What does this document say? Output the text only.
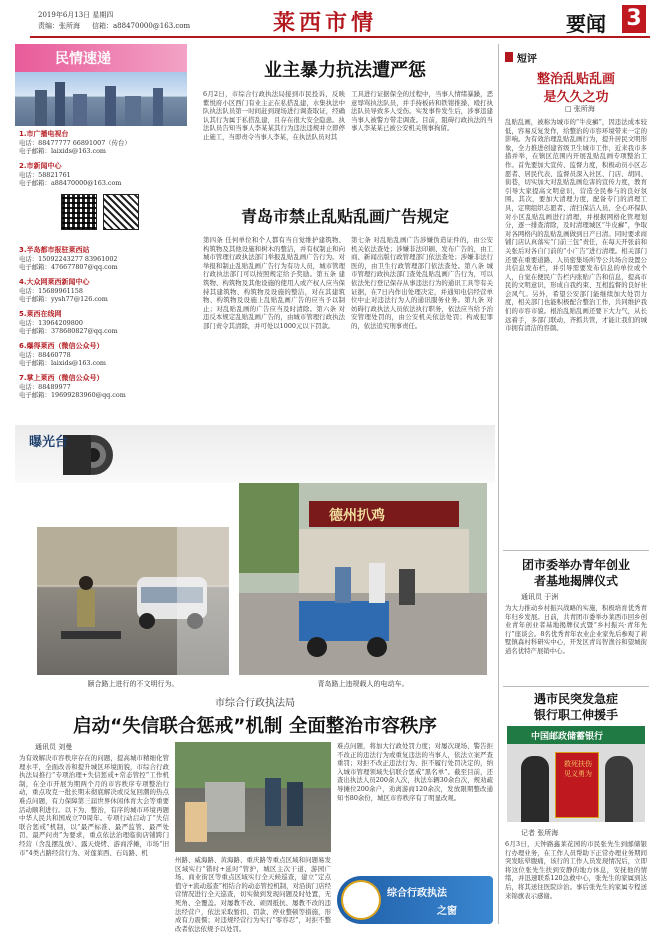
2019年6月13日 星期四
责编：张所海 信箱：a88470000@163.com	莱西市情	要闻 3
民情速递
1.市广播电视台
电话：88477777 66891007（传台）
电子邮箱：laixids@163.com
2.市新闻中心
电话：58821761
电子邮箱：a88470000@163.com
3.半岛都市报驻莱西站
电话：15092243277 83961002
电子邮箱：476677807@qq.com
4.大众网莱西新闻中心
电话：15689961158
电子邮箱：yysh77@126.com
5.莱西在线网
电话：13964209800
电子邮箱：378680827@qq.com
6.爆得莱西（微信公众号）
电话：88460778
电子邮箱：laixids@163.com
7.掌上莱西（微信公众号）
电话：88489977
电子邮箱：19699283960@qq.com
业主暴力抗法遭严惩
6月2日，市综合行政执法局接到市民投诉，反映紫悦府小区西门有业主正在私搭乱建，水集执法中队执法队员第一时间赶到现场进行调查取证，经确认其行为属于私搭乱建，且存在很大安全隐患。执法队员告知当事人李某某其行为违法违规并立即停止施工，当即责令当事人李某，在执法队员对其
工具进行证据保全的过程中，当事人情绪暴躁，恶意辱骂执法队员，并手持板砖和铁钳推搡、殴打执法队员导致多人受伤。实发事件发生后，涉事违建当事人被警方带走调查。目前，阻碍行政执法的当事人李某某已被公安机关刑事拘留。
青岛市禁止乱贴乱画广告规定
第四条 任何单位和个人都有当自觉维护建筑物、构筑物及其他设施和树木的整洁，并有权制止和向城市管理行政执法部门举报乱贴乱画广告行为。对举报和制止乱贴乱画广告行为有功人员，城市管理行政执法部门可以按照规定给予奖励。第五条 建筑物、构筑物及其他设施的使用人或产权人应当保持其建筑物、构筑物及设施的整洁，对在其建筑物、构筑物及设施上乱贴乱画广告的应当予以制止；对乱贴乱画的广告应当及时清除。第六条 对违反本规定乱贴乱画广告的，由城市管理行政执法部门责令其清除，并可处以1000元以下罚款。
第七条 对乱贴乱画广告涉嫌伪造证件的，由公安机关依法查处；涉嫌非法印刷、发布广告的，由工商、新闻出版行政管理部门依法查处；涉嫌非法行医的，由卫生行政管理部门依法查处。第八条 城市管理行政执法部门查处乱贴乱画广告行为，可以依法先行登记保存从事违法行为的通讯工具等有关证据，在7日内作出处理决定，并通知电信经营单位中止对违法行为人的通讯服务业务。第九条 对妨碍行政执法人员依法执行职务，依法应当给予治安管理处罚的，由公安机关依法处罚；构成犯罪的，依法追究刑事责任。
曝光台
颐合路上进行的不文明行为。
德州扒鸡
青岛路上违规载人的电动车。
市综合行政执法局
启动“失信联合惩戒”机制 全面整治市容秩序
通讯员 刘曼
为有效解决市容秩序存在的问题，提高城市精细化管理水平，全面改善和提升城区环境面貌，市综合行政执法局推行“专项治理+失信惩戒+常态管控”工作机制，在全市开展为期两个月的市容秩序专项整治行动，重点攻克一批长期未彻底解决或反复回潮的热点难点问题，有力保障第三届世界休闲体育大会等重要活动顺利进行。以下为、整治，有序的城市环境再题中华人民共和国成立70周年。专项行动启动了“失信联合惩戒”机制，以“最严标准、最严监管、最严处罚、最严问责”为要求，重点依法治理临街店铺跨门经营（含乱摆乱放）、露天烧烤、游商浮摊，市场“旧市”4类占路经营行为、对莲莱西、石岛路、机
州路、威海路、黄海路、重庆路等重点区域和问题易发区域实行“错时+延时”管护，城区主次干道、游园广场、商业街区等重点区域实行全天候巡查，建立“定点值守+流动巡查”相结合的动态管控机制，对沿街门店经营情况进行全天巡查，切实做到发现问题及时处置，无死角、全覆盖。对屡教不改、顽固抵抗、屡教不改的违法经营户，依法采取暂扣、罚款、停业整顿等措施，形成有力震慑；对违规经营行为实行“零容忍”，对拒不整改者依法依规予以处罚。
难点问题，将加大行政处罚力度；对屡次现场、警告拒不改正的违法行为或重复违法的当事人，依法立案严查重罚；对拒不改正违法行为、拒不履行处罚决定的，纳入城市管理领域失信联合惩戒“黑名单”。截至目前，还查出执法人员200余人次，执法车辆30余台次，规劝疏导摊位200余户，劝离游商120余次，发放限期整改通知书80余份，城区市容秩序有了明显改观。
综合行政执法
之窗
短评
整治乱贴乱画
是久久之功
□ 张所海
乱贴乱画，被称为城市的“牛皮癣”，因违法成本较低，容易反复发作，给整治的市容环境带来一定的影响。为有效治理乱贴乱画行为，提升居民文明形象，全力推进创建省级卫生城市工作，近来我市多措并举，在镇区范围内开展乱贴乱画专项整治工作。首先要加大宣传、监督力度，积极动员小区志愿者、居民代表、监督员深入社区、门店、胡同、街巷，切实加大对乱贴乱画危害的宣传力度，教育引导大家提高文明意识，营造全民参与的良好氛围。其次，要加大清理力度，配备专门的清理工具，定期组织志愿者、清扫保洁人员、全心环保队对小区乱贴乱画进行清理，并根据网格化管理划分，逐一排查清除，及时清理城区“牛皮癣”，争取对各网格内的乱贴乱画做到日产日清。同时要求商铺门店认真落实“门前三包”责任，在每天开张前和关张后对各自门前的“小广告”进行清理。相关部门还要在重要道路、人员密集场所等公共场合设置公共信息发布栏，并引导需要发布信息的单位或个人，自觉在便民广告栏内张贴广告和信息，提高市民的文明意识，形成自我约束、互相监督的良好社会风气。另外，希望公安部门能继续加大处罚力度，相关部门也能积极配合整治工作，共同维护我们的市容市貌。根治乱贴乱画还要下大力气，从长远着手，多部门联动，齐抓共管，才能让我们的城市拥有清洁的容颜。
团市委举办青年创业
者基地揭牌仪式
通讯员 于洲
为大力推动乡村振兴战略的实施，积极培育优秀青年归乡发展。日前，共青团市委举办莱西市回乡创业青年创业者基地揭牌仪式暨“乡村振兴·青年先行”座谈会。8名优秀青年农业企业家先后参观了莉墅镇森村科研实中心，开发区青岛智渔谷和望城街道名优特产展销中心。
遇市民突发急症
银行职工伸援手
中国邮政储蓄银行
救死扶伤 见义勇为
记者 张所海
6月3日，天钟路鑫莱花园的市民张先生到邮储银行办理业务，在工作人员帮助下正常办理业务期间突发眩晕腹痛，该行的工作人员发现情况后，立即将这位张先生扶到安静的地方休息，安抚他的情绪，并迅速联系120急救中心，张先生的家属到达后，将其送往医院诊治。事后张先生的家属专程送来锦旗表示感谢。
